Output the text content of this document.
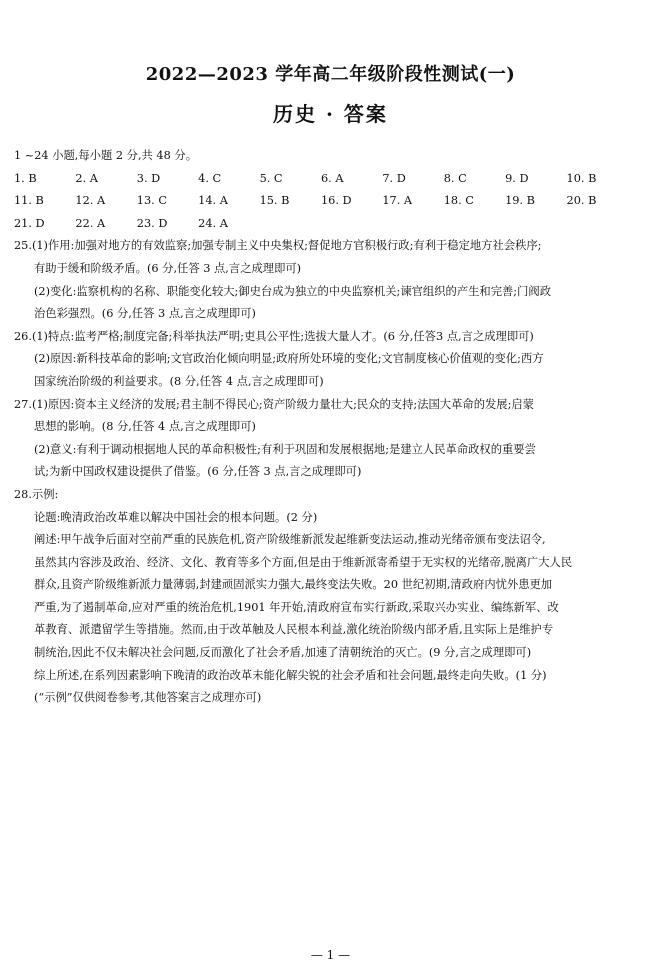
2022—2023 学年高二年级阶段性测试(一)
历史 · 答案
1 ~24 小题,每小题 2 分,共 48 分。
1. B	2. A	3. D	4. C	5. C	6. A	7. D	8. C	9. D	10. B
11. B	12. A	13. C	14. A	15. B	16. D	17. A	18. C	19. B	20. B
21. D	22. A	23. D	24. A
25.(1)作用:加强对地方的有效监察;加强专制主义中央集权;督促地方官积极行政;有利于稳定地方社会秩序;
有助于缓和阶级矛盾。(6 分,任答 3 点,言之成理即可)
(2)变化:监察机构的名称、职能变化较大;御史台成为独立的中央监察机关;谏官组织的产生和完善;门阀政
治色彩强烈。(6 分,任答 3 点,言之成理即可)
26.(1)特点:监考严格;制度完备;科举执法严明;吏具公平性;选拔大量人才。(6 分,任答3 点,言之成理即可)
(2)原因:新科技革命的影响;文官政治化倾向明显;政府所处环境的变化;文官制度核心价值观的变化;西方
国家统治阶级的利益要求。(8 分,任答 4 点,言之成理即可)
27.(1)原因:资本主义经济的发展;君主制不得民心;资产阶级力量壮大;民众的支持;法国大革命的发展;启蒙
思想的影响。(8 分,任答 4 点,言之成理即可)
(2)意义:有利于调动根据地人民的革命积极性;有利于巩固和发展根据地;是建立人民革命政权的重要尝
试;为新中国政权建设提供了借鉴。(6 分,任答 3 点,言之成理即可)
28.示例:
论题:晚清政治改革难以解决中国社会的根本问题。(2 分)
阐述:甲午战争后面对空前严重的民族危机,资产阶级维新派发起维新变法运动,推动光绪帝颁布变法诏令,
虽然其内容涉及政治、经济、文化、教育等多个方面,但是由于维新派寄希望于无实权的光绪帝,脱离广大人民
群众,且资产阶级维新派力量薄弱,封建顽固派实力强大,最终变法失败。20 世纪初期,清政府内忧外患更加
严重,为了遏制革命,应对严重的统治危机,1901 年开始,清政府宣布实行新政,采取兴办实业、编练新军、改
革教育、派遣留学生等措施。然而,由于改革触及人民根本利益,激化统治阶级内部矛盾,且实际上是维护专
制统治,因此不仅未解决社会问题,反而激化了社会矛盾,加速了清朝统治的灭亡。(9 分,言之成理即可)
综上所述,在系列因素影响下晚清的政治改革未能化解尖锐的社会矛盾和社会问题,最终走向失败。(1 分)
(“示例”仅供阅卷参考,其他答案言之成理亦可)
— 1 —
